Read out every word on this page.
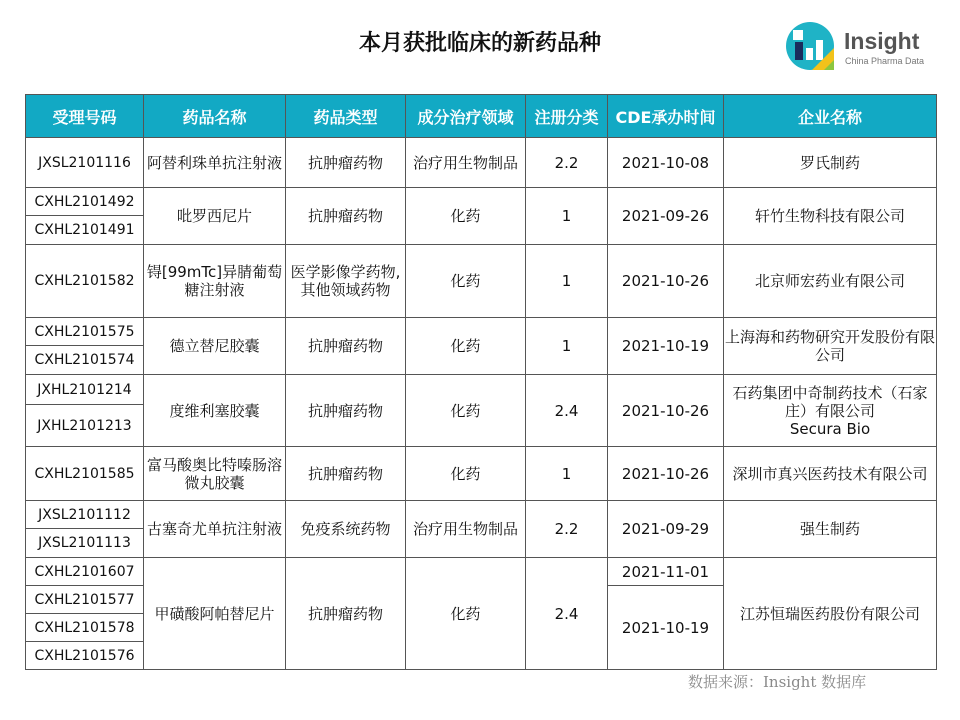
本月获批临床的新药品种	Insight
China Pharma Data
受理号码	药品名称	药品类型	成分治疗领域	注册分类	CDE承办时间	企业名称
JXSL2101116	阿替利珠单抗注射液	抗肿瘤药物	治疗用生物制品	2.2	2021-10-08	罗氏制药
CXHL2101492	吡罗西尼片	抗肿瘤药物	化药	1	2021-09-26	轩竹生物科技有限公司
CXHL2101491						
CXHL2101582	锝[99mTc]异腈葡萄糖注射液	医学影像学药物,其他领域药物	化药	1	2021-10-26	北京师宏药业有限公司
CXHL2101575	德立替尼胶囊	抗肿瘤药物	化药	1	2021-10-19	上海海和药物研究开发股份有限公司
CXHL2101574						
JXHL2101214	度维利塞胶囊	抗肿瘤药物	化药	2.4	2021-10-26	石药集团中奇制药技术（石家庄）有限公司
Secura Bio

JXHL2101213						
CXHL2101585	富马酸奥比特嗪肠溶微丸胶囊	抗肿瘤药物	化药	1	2021-10-26	深圳市真兴医药技术有限公司
JXSL2101112	古塞奇尤单抗注射液	免疫系统药物	治疗用生物制品	2.2	2021-09-29	强生制药
JXSL2101113						
CXHL2101607	甲磺酸阿帕替尼片	抗肿瘤药物	化药	2.4	2021-11-01	江苏恒瑞医药股份有限公司
CXHL2101577					2021-10-19	
CXHL2101578						
CXHL2101576						
数据来源：Insight 数据库
